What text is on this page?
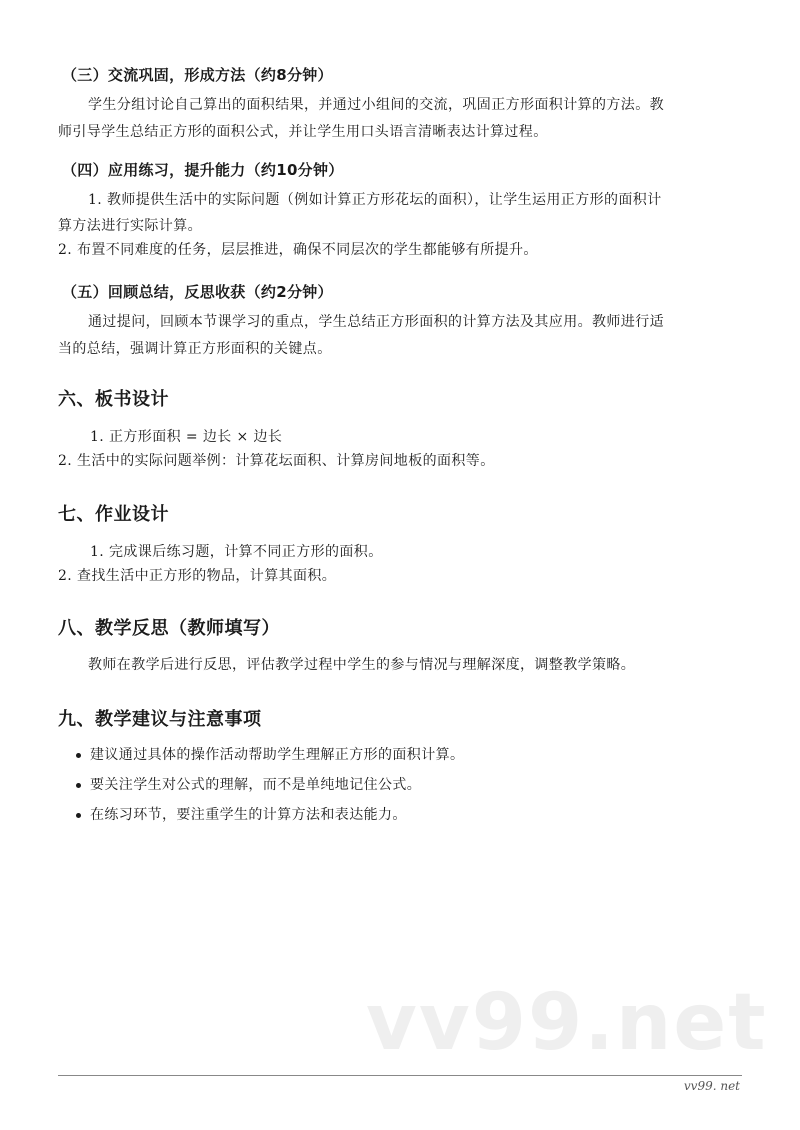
（三）交流巩固，形成方法（约8分钟）

学生分组讨论自己算出的面积结果，并通过小组间的交流，巩固正方形面积计算的方法。教

师引导学生总结正方形的面积公式，并让学生用口头语言清晰表达计算过程。

（四）应用练习，提升能力（约10分钟）

1. 教师提供生活中的实际问题（例如计算正方形花坛的面积），让学生运用正方形的面积计

算方法进行实际计算。

2. 布置不同难度的任务，层层推进，确保不同层次的学生都能够有所提升。

（五）回顾总结，反思收获（约2分钟）

通过提问，回顾本节课学习的重点，学生总结正方形面积的计算方法及其应用。教师进行适

当的总结，强调计算正方形面积的关键点。

六、板书设计

1. 正方形面积 = 边长 × 边长

2. 生活中的实际问题举例：计算花坛面积、计算房间地板的面积等。

七、作业设计

1. 完成课后练习题，计算不同正方形的面积。

2. 查找生活中正方形的物品，计算其面积。

八、教学反思（教师填写）

教师在教学后进行反思，评估教学过程中学生的参与情况与理解深度，调整教学策略。

九、教学建议与注意事项
建议通过具体的操作活动帮助学生理解正方形的面积计算。
要关注学生对公式的理解，而不是单纯地记住公式。
在练习环节，要注重学生的计算方法和表达能力。
vv99.net
vv99. net
